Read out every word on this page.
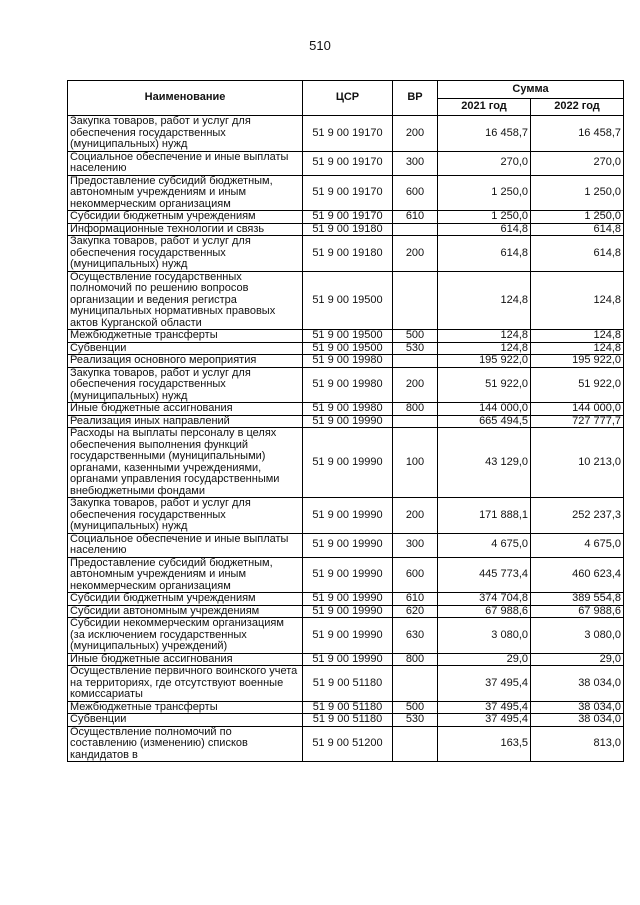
510
Наименование	ЦСР	ВР	Сумма	
			2021 год	2022 год
Закупка товаров, работ и услуг для обеспечения государственных (муниципальных) нужд	51 9 00 19170	200	16 458,7	16 458,7
Социальное обеспечение и иные выплаты населению	51 9 00 19170	300	270,0	270,0
Предоставление субсидий бюджетным, автономным учреждениям и иным некоммерческим организациям	51 9 00 19170	600	1 250,0	1 250,0
Субсидии бюджетным учреждениям	51 9 00 19170	610	1 250,0	1 250,0
Информационные технологии и связь	51 9 00 19180		614,8	614,8
Закупка товаров, работ и услуг для обеспечения государственных (муниципальных) нужд	51 9 00 19180	200	614,8	614,8
Осуществление государственных полномочий по решению вопросов организации и ведения регистра муниципальных нормативных правовых актов Курганской области	51 9 00 19500		124,8	124,8
Межбюджетные трансферты	51 9 00 19500	500	124,8	124,8
Субвенции	51 9 00 19500	530	124,8	124,8
Реализация основного мероприятия	51 9 00 19980		195 922,0	195 922,0
Закупка товаров, работ и услуг для обеспечения государственных (муниципальных) нужд	51 9 00 19980	200	51 922,0	51 922,0
Иные бюджетные ассигнования	51 9 00 19980	800	144 000,0	144 000,0
Реализация иных направлений	51 9 00 19990		665 494,5	727 777,7
Расходы на выплаты персоналу в целях обеспечения выполнения функций государственными (муниципальными) органами, казенными учреждениями, органами управления государственными внебюджетными фондами	51 9 00 19990	100	43 129,0	10 213,0
Закупка товаров, работ и услуг для обеспечения государственных (муниципальных) нужд	51 9 00 19990	200	171 888,1	252 237,3
Социальное обеспечение и иные выплаты населению	51 9 00 19990	300	4 675,0	4 675,0
Предоставление субсидий бюджетным, автономным учреждениям и иным некоммерческим организациям	51 9 00 19990	600	445 773,4	460 623,4
Субсидии бюджетным учреждениям	51 9 00 19990	610	374 704,8	389 554,8
Субсидии автономным учреждениям	51 9 00 19990	620	67 988,6	67 988,6
Субсидии некоммерческим организациям (за исключением государственных (муниципальных) учреждений)	51 9 00 19990	630	3 080,0	3 080,0
Иные бюджетные ассигнования	51 9 00 19990	800	29,0	29,0
Осуществление первичного воинского учета на территориях, где отсутствуют военные комиссариаты	51 9 00 51180		37 495,4	38 034,0
Межбюджетные трансферты	51 9 00 51180	500	37 495,4	38 034,0
Субвенции	51 9 00 51180	530	37 495,4	38 034,0
Осуществление полномочий по составлению (изменению) списков кандидатов в	51 9 00 51200		163,5	813,0
